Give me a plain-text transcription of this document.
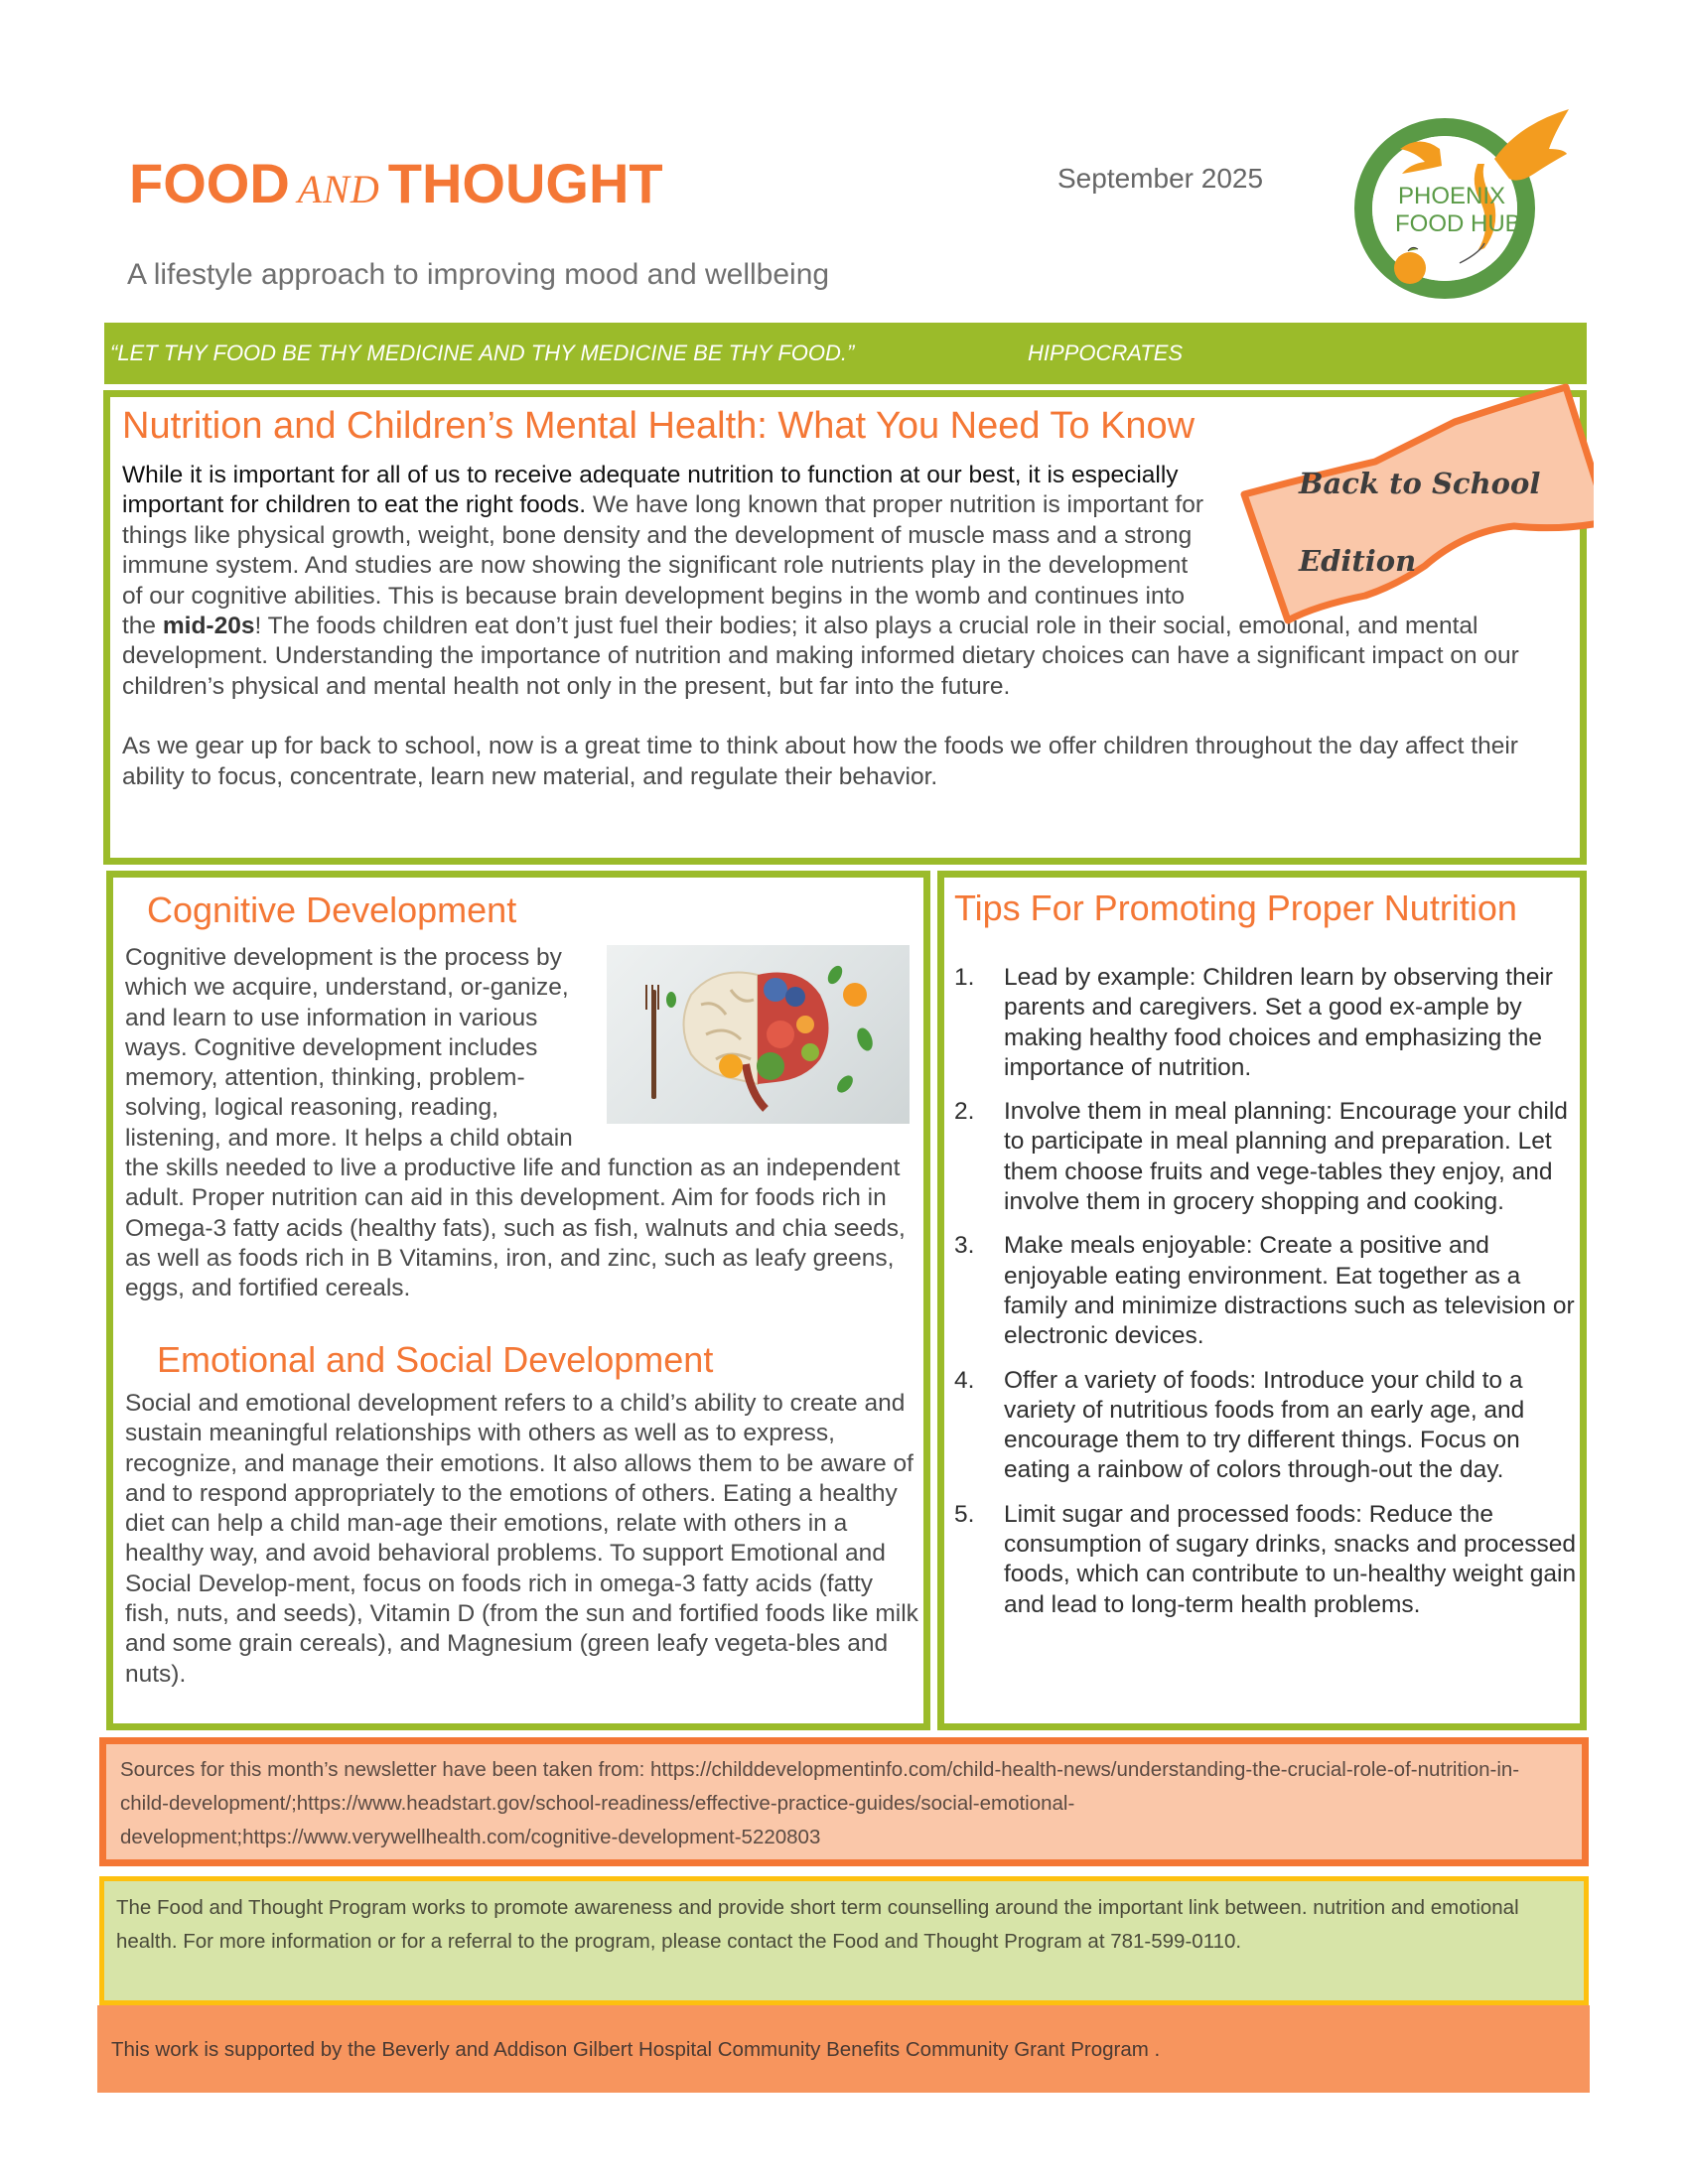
FOOD AND THOUGHT	September 2025
A lifestyle approach to improving mood and wellbeing
PHOENIX
FOOD HUB
“LET THY FOOD BE THY MEDICINE AND THY MEDICINE BE THY FOOD.”	HIPPOCRATES
Nutrition and Children’s Mental Health: What You Need To Know
While it is important for all of us to receive adequate nutrition to function at our best, it is especially important for children to eat the right foods. We have long known that proper nutrition is important for things like physical growth, weight, bone density and the development of muscle mass and a strong immune system. And studies are now showing the significant role nutrients play in the development of our cognitive abilities. This is because brain development begins in the womb and continues into the mid-20s! The foods children eat don’t just fuel their bodies; it also plays a crucial role in their social, emotional, and mental development. Understanding the importance of nutrition and making informed dietary choices can have a significant impact on our children’s physical and mental health not only in the present, but far into the future.

As we gear up for back to school, now is a great time to think about how the foods we offer children throughout the day affect their ability to focus, concentrate, learn new material, and regulate their behavior.

Back to School
Edition
Cognitive Development
Cognitive development is the process by which we acquire, understand, or-ganize, and learn to use information in various ways. Cognitive development includes memory, attention, thinking, problem-solving, logical reasoning, reading, listening, and more. It helps a child obtain the skills needed to live a productive life and function as an independent adult. Proper nutrition can aid in this development. Aim for foods rich in Omega-3 fatty acids (healthy fats), such as fish, walnuts and chia seeds, as well as foods rich in B Vitamins, iron, and zinc, such as leafy greens, eggs, and fortified cereals.
Emotional and Social Development
Social and emotional development refers to a child’s ability to create and sustain meaningful relationships with others as well as to express, recognize, and manage their emotions. It also allows them to be aware of and to respond appropriately to the emotions of others. Eating a healthy diet can help a child man-age their emotions, relate with others in a healthy way, and avoid behavioral problems. To support Emotional and Social Develop-ment, focus on foods rich in omega-3 fatty acids (fatty fish, nuts, and seeds), Vitamin D (from the sun and fortified foods like milk and some grain cereals), and Magnesium (green leafy vegeta-bles and nuts).
Tips For Promoting Proper Nutrition
1. Lead by example: Children learn by observing their parents and caregivers. Set a good ex-ample by making healthy food choices and emphasizing the importance of nutrition.
2. Involve them in meal planning: Encourage your child to participate in meal planning and preparation. Let them choose fruits and vege-tables they enjoy, and involve them in grocery shopping and cooking.
3. Make meals enjoyable: Create a positive and enjoyable eating environment. Eat together as a family and minimize distractions such as television or electronic devices.
4. Offer a variety of foods: Introduce your child to a variety of nutritious foods from an early age, and encourage them to try different things. Focus on eating a rainbow of colors through-out the day.
5. Limit sugar and processed foods: Reduce the consumption of sugary drinks, snacks and processed foods, which can contribute to un-healthy weight gain and lead to long-term health problems.
Sources for this month’s newsletter have been taken from: https://childdevelopmentinfo.com/child-health-news/understanding-the-crucial-role-of-nutrition-in-child-development/;https://www.headstart.gov/school-readiness/effective-practice-guides/social-emotional-development;https://www.verywellhealth.com/cognitive-development-5220803
The Food and Thought Program works to promote awareness and provide short term counselling around the important link between. nutrition and emotional health. For more information or for a referral to the program, please contact the Food and Thought Program at 781-599-0110.
This work is supported by the Beverly and Addison Gilbert Hospital Community Benefits Community Grant Program .
